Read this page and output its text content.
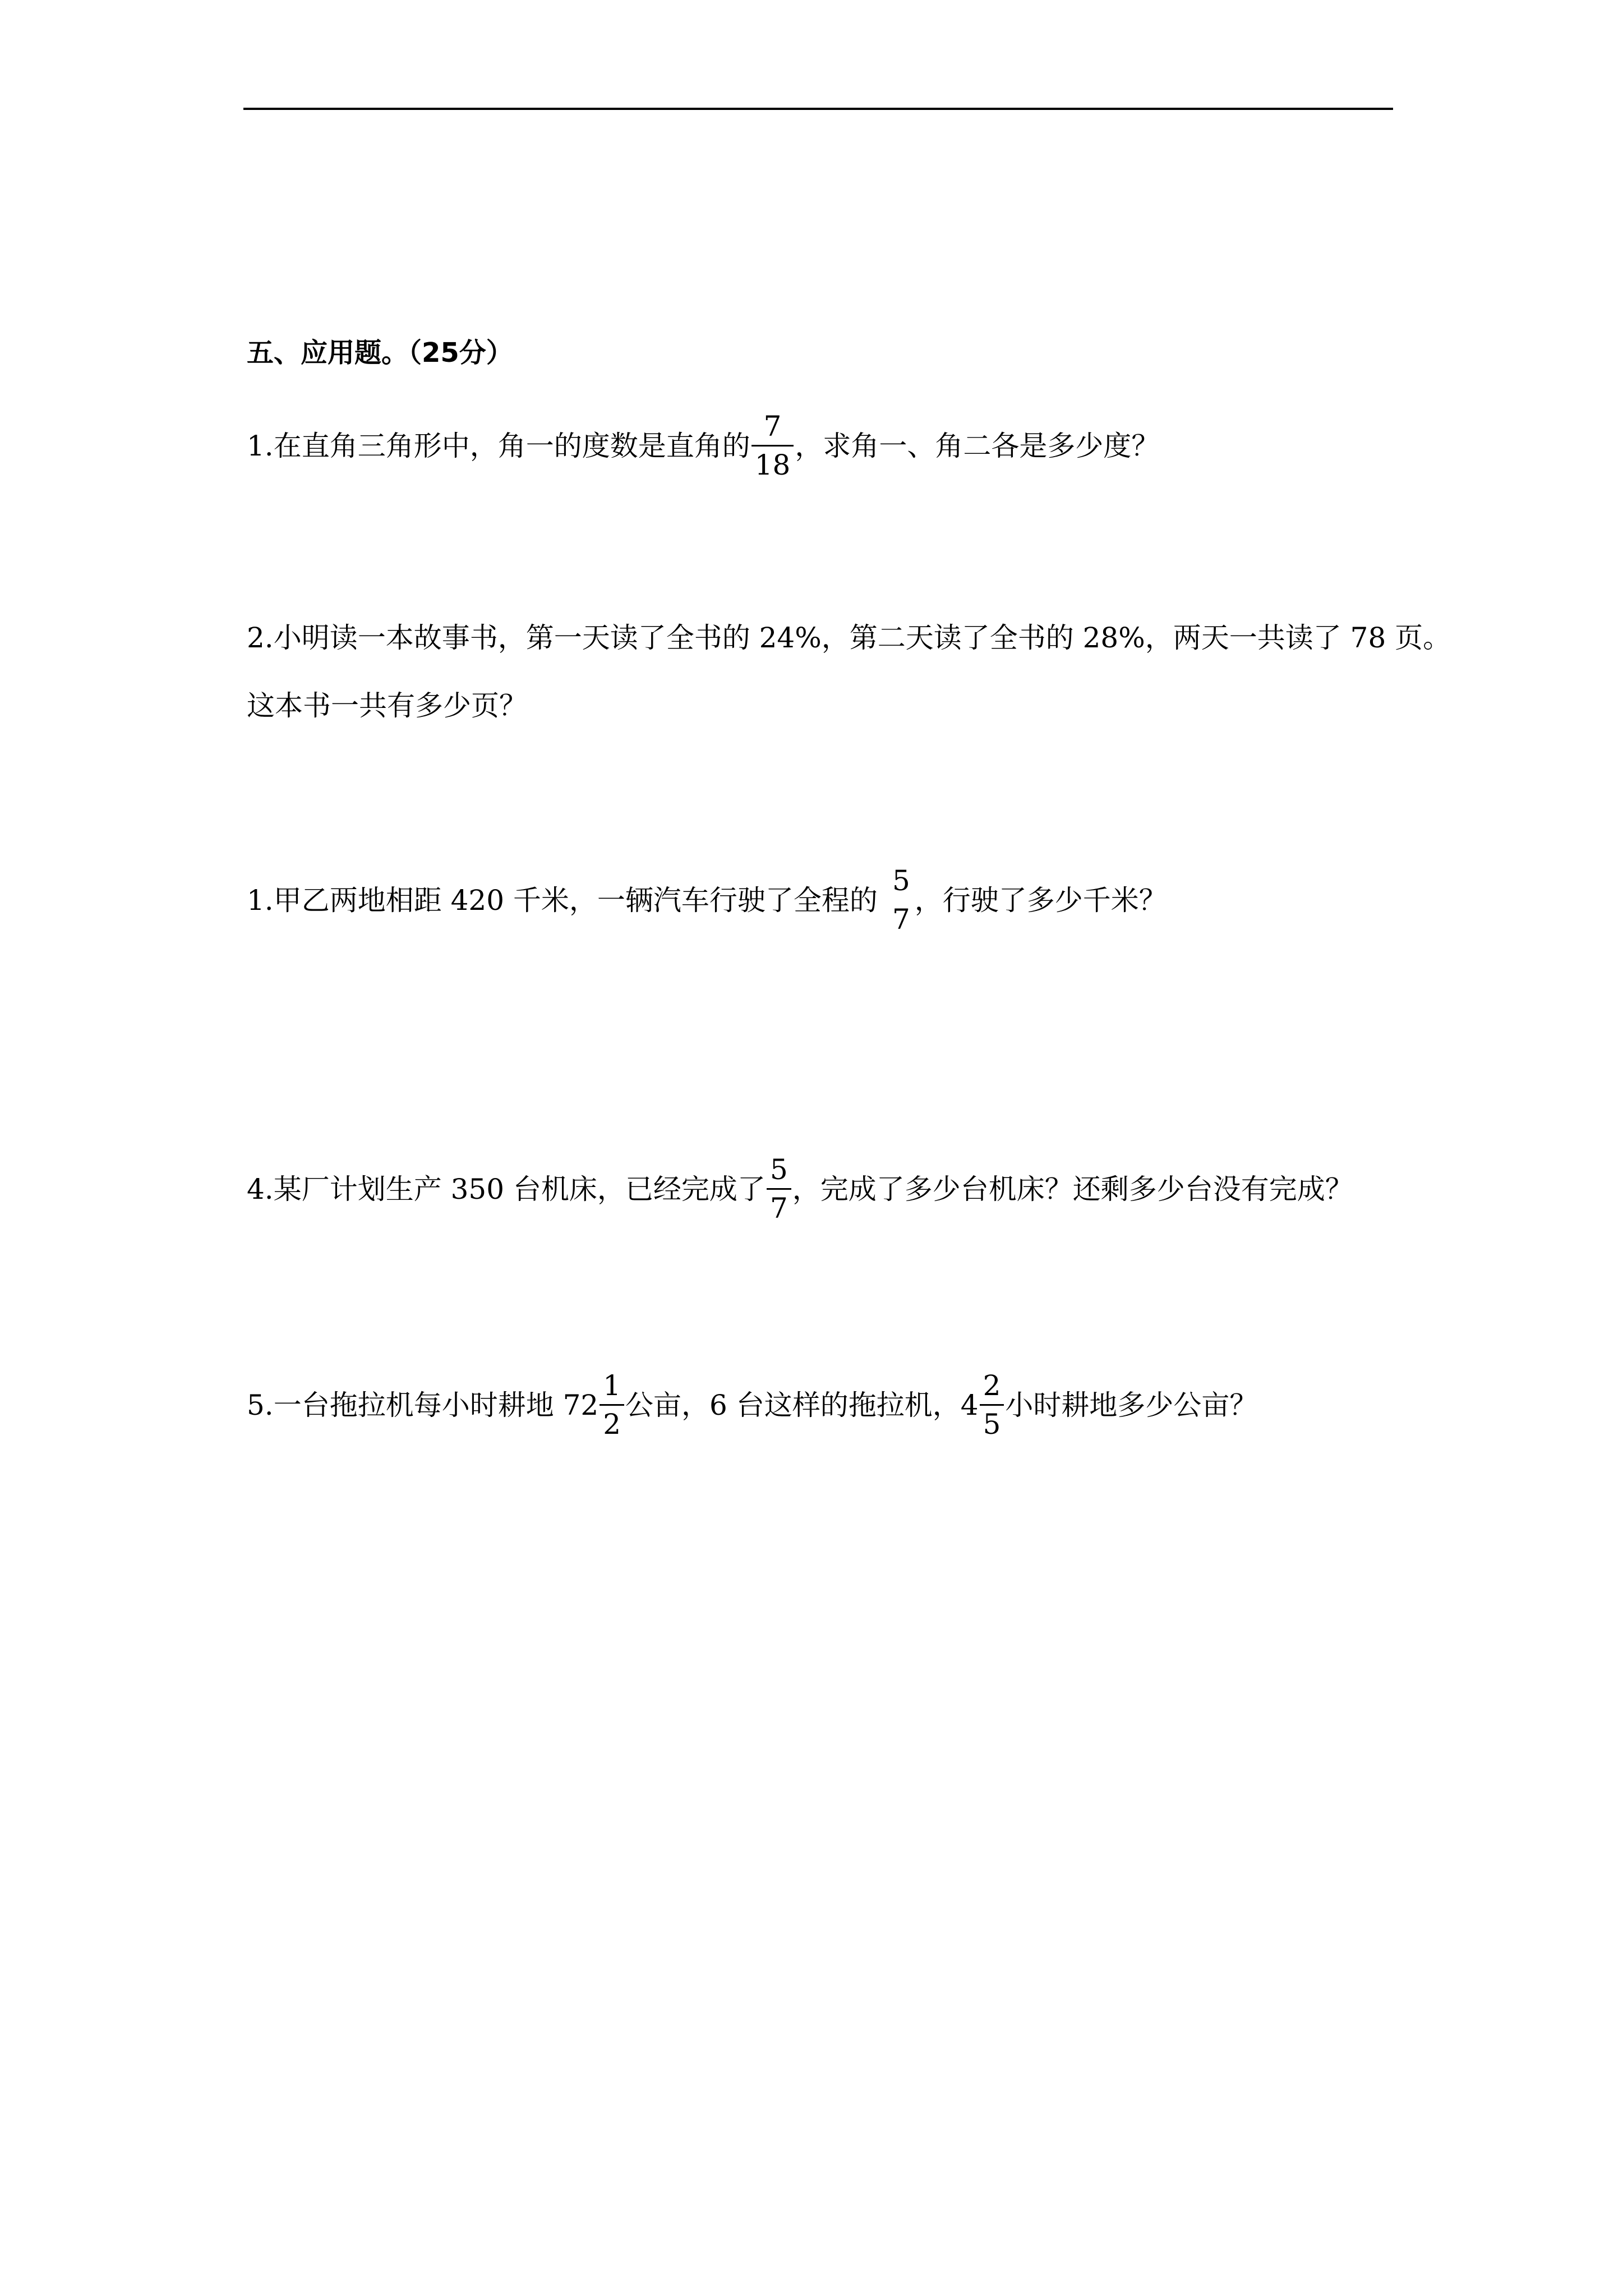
五、应用题。（25分）
1.在直角三角形中，角一的度数是直角的 $\frac{7}{18}$ ，求角一、角二各是多少度？
2.小明读一本故事书，第一天读了全书的 24%，第二天读了全书的 28%，两天一共读了 78 页。
这本书一共有多少页？
1.甲乙两地相距 420 千米，一辆汽车行驶了全程的
5
7
，行驶了多少千米？
4.某厂计划生产 350 台机床，已经完成了 $\frac{5}{7}$ ，完成了多少台机床？还剩多少台没有完成？
5.一台拖拉机每小时耕地 $72 \frac{1}{2}$ 公亩，6 台这样的拖拉机，$4 \frac{2}{5}$ 小时耕地多少公亩？
